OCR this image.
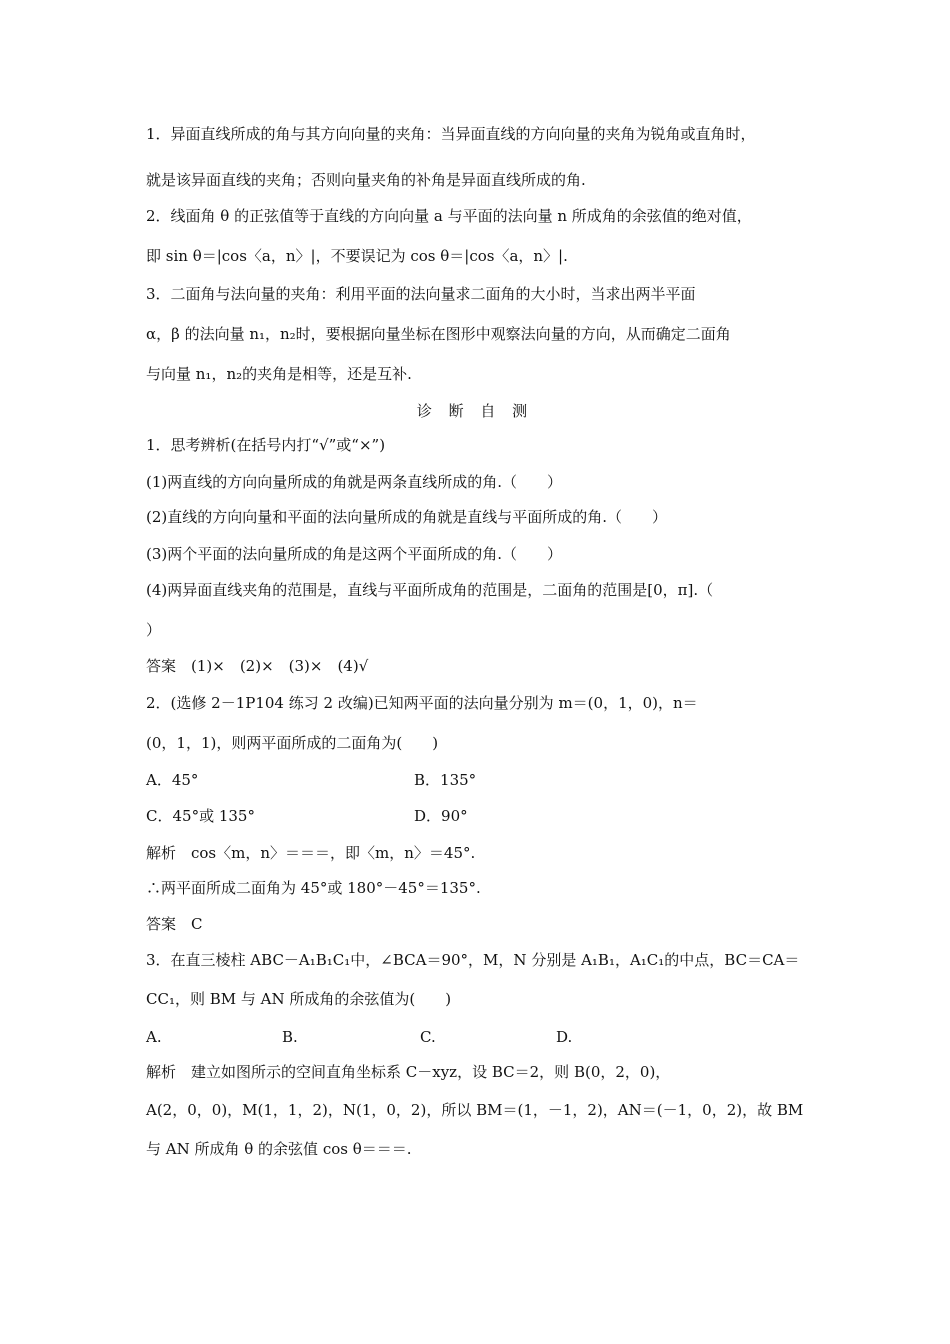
1．异面直线所成的角与其方向向量的夹角：当异面直线的方向向量的夹角为锐角或直角时，
就是该异面直线的夹角；否则向量夹角的补角是异面直线所成的角.
2．线面角 θ 的正弦值等于直线的方向向量 a 与平面的法向量 n 所成角的余弦值的绝对值，
即 sin θ＝|cos〈a，n〉|，不要误记为 cos θ＝|cos〈a，n〉|.
3．二面角与法向量的夹角：利用平面的法向量求二面角的大小时，当求出两半平面
α，β 的法向量 n₁，n₂时，要根据向量坐标在图形中观察法向量的方向，从而确定二面角
与向量 n₁，n₂的夹角是相等，还是互补.
诊 断 自 测
1．思考辨析(在括号内打“√”或“×”)
(1)两直线的方向向量所成的角就是两条直线所成的角.（　　）
(2)直线的方向向量和平面的法向量所成的角就是直线与平面所成的角.（　　）
(3)两个平面的法向量所成的角是这两个平面所成的角.（　　）
(4)两异面直线夹角的范围是，直线与平面所成角的范围是，二面角的范围是[0，π].（
）
答案　(1)×　(2)×　(3)×　(4)√
2．(选修 2－1P104 练习 2 改编)已知两平面的法向量分别为 m＝(0，1，0)，n＝
(0，1，1)，则两平面所成的二面角为(　　)
A．45°	B．135°
C．45°或 135°	D．90°
解析　cos〈m，n〉＝＝＝，即〈m，n〉＝45°.
∴两平面所成二面角为 45°或 180°－45°＝135°.
答案　C
3．在直三棱柱 ABC－A₁B₁C₁中，∠BCA＝90°，M，N 分别是 A₁B₁，A₁C₁的中点，BC＝CA＝
CC₁，则 BM 与 AN 所成角的余弦值为(　　)
A.	B.	C.	D.
解析　建立如图所示的空间直角坐标系 C－xyz，设 BC＝2，则 B(0，2，0)，
A(2，0，0)，M(1，1，2)，N(1，0，2)，所以 BM＝(1，－1，2)，AN＝(－1，0，2)，故 BM
与 AN 所成角 θ 的余弦值 cos θ＝＝＝.
